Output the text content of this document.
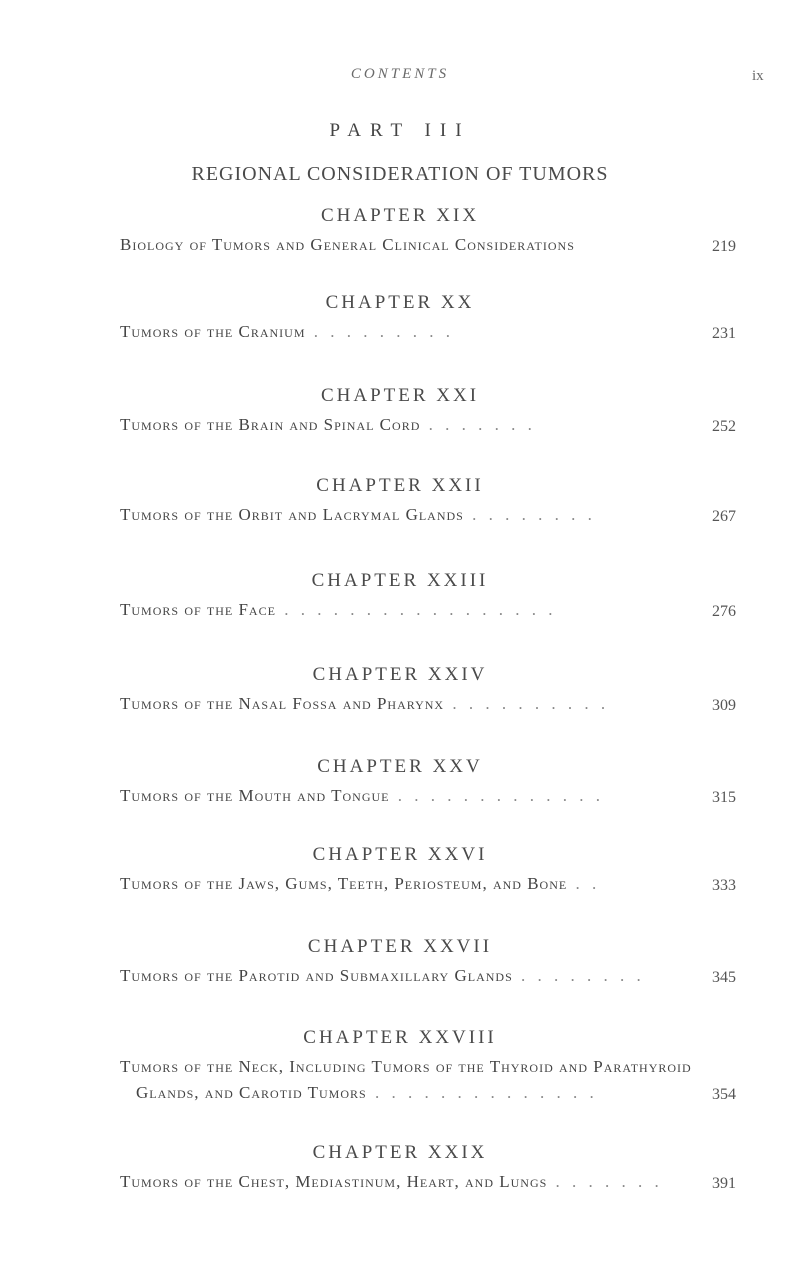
CONTENTS	ix
PART III
REGIONAL CONSIDERATION OF TUMORS
CHAPTER XIX
Biology of Tumors and General Clinical Considerations	219
CHAPTER XX
Tumors of the Cranium . . . . . . . . .	231
CHAPTER XXI
Tumors of the Brain and Spinal Cord . . . . . . .	252
CHAPTER XXII
Tumors of the Orbit and Lacrymal Glands . . . . . . . .	267
CHAPTER XXIII
Tumors of the Face . . . . . . . . . . . . . . . . .	276
CHAPTER XXIV
Tumors of the Nasal Fossa and Pharynx . . . . . . . . . .	309
CHAPTER XXV
Tumors of the Mouth and Tongue . . . . . . . . . . . . .	315
CHAPTER XXVI
Tumors of the Jaws, Gums, Teeth, Periosteum, and Bone . .	333
CHAPTER XXVII
Tumors of the Parotid and Submaxillary Glands . . . . . . . .	345
CHAPTER XXVIII
Tumors of the Neck, Including Tumors of the Thyroid and Parathyroid
Glands, and Carotid Tumors . . . . . . . . . . . . . .	354
CHAPTER XXIX
Tumors of the Chest, Mediastinum, Heart, and Lungs . . . . . . .	391
